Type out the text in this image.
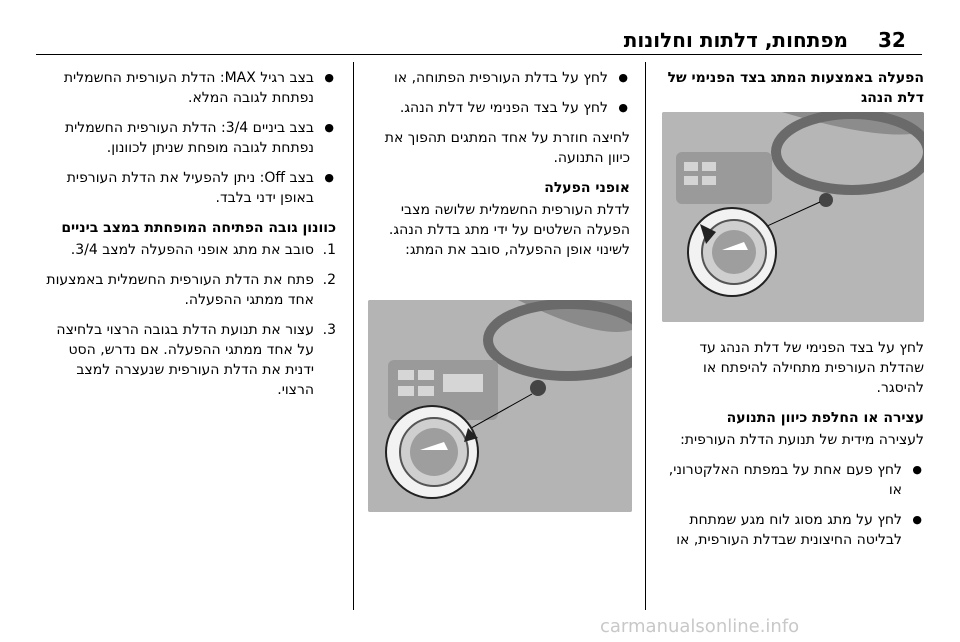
32
מפתחות, דלתות וחלונות
● בצב רגיל MAX: הדלת העורפית החשמלית נפתחת לגובה המלא.
● בצב ביניים 3/4: הדלת העורפית החשמלית נפתחת לגובה מופחת שניתן לכוונון.
● בצב Off: ניתן להפעיל את הדלת העורפית באופן ידני בלבד.
כוונון גובה הפתיחה המופחתת במצב ביניים
1.
סובב את מתג אופני ההפעלה למצב 3/4.
2.
פתח את הדלת העורפית החשמלית באמצעות אחד ממתגי ההפעלה.
3.
עצור את תנועת הדלת בגובה הרצוי בלחיצה על אחד ממתגי ההפעלה. אם נדרש, הסט ידנית את הדלת העורפית שנעצרה למצב הרצוי.
● לחץ על בדלת העורפית הפתוחה, או
● לחץ על בצד הפנימי של דלת הנהג.

לחיצה חוזרת על אחד המתגים תהפוך את כיוון התנועה.

אופני הפעלה

לדלת העורפית החשמלית שלושה מצבי הפעלה השלטים על ידי מתג בדלת הנהג. לשינוי אופן ההפעלה, סובב את המתג:

הפעלה באמצעות המתג בצד הפנימי של דלת הנהג

לחץ על בצד הפנימי של דלת הנהג עד שהדלת העורפית מתחילה להיפתח או להיסגר.

עצירה או החלפת כיוון התנועה

לעצירה מידית של תנועת הדלת העורפית:

● לחץ פעם אחת על במפתח האלקטרוני, או
● לחץ על מתג מסוג לוח מגע שמתחת לבליטה החיצונית שבדלת העורפית, או
carmanualsonline.info
